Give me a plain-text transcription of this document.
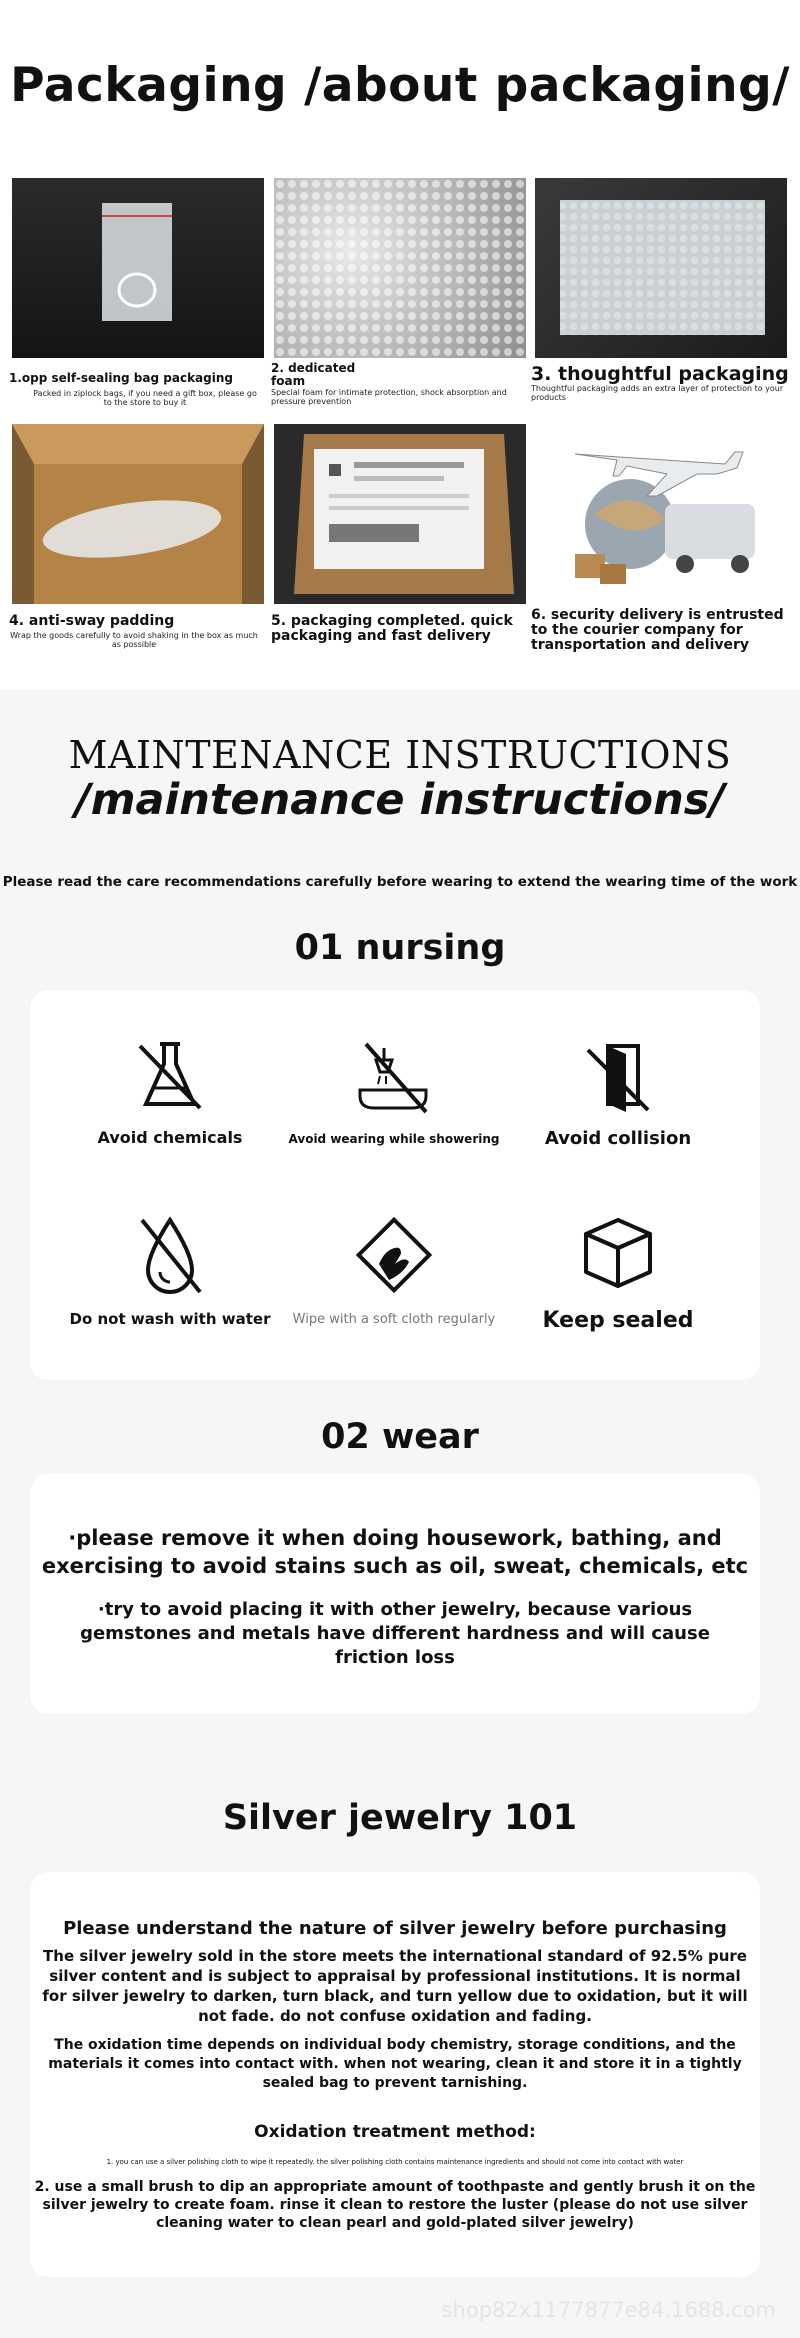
Packaging /about packaging/
1.opp self-sealing bag packaging
Packed in ziplock bags, if you need a gift box, please go to the store to buy it
2. dedicated foam
Special foam for intimate protection, shock absorption and pressure prevention
3. thoughtful packaging
Thoughtful packaging adds an extra layer of protection to your products
4. anti-sway padding
Wrap the goods carefully to avoid shaking in the box as much as possible
5. packaging completed. quick packaging and fast delivery
6. security delivery is entrusted to the courier company for transportation and delivery
MAINTENANCE INSTRUCTIONS
/maintenance instructions/
Please read the care recommendations carefully before wearing to extend the wearing time of the work
01 nursing
Avoid chemicals	Avoid wearing while showering	Avoid collision
Do not wash with water	Wipe with a soft cloth regularly	Keep sealed
02 wear
·please remove it when doing housework, bathing, and exercising to avoid stains such as oil, sweat, chemicals, etc
·try to avoid placing it with other jewelry, because various gemstones and metals have different hardness and will cause friction loss
Silver jewelry 101
Please understand the nature of silver jewelry before purchasing
The silver jewelry sold in the store meets the international standard of 92.5% pure silver content and is subject to appraisal by professional institutions. It is normal for silver jewelry to darken, turn black, and turn yellow due to oxidation, but it will not fade. do not confuse oxidation and fading.
The oxidation time depends on individual body chemistry, storage conditions, and the materials it comes into contact with. when not wearing, clean it and store it in a tightly sealed bag to prevent tarnishing.
Oxidation treatment method:
1. you can use a silver polishing cloth to wipe it repeatedly. the silver polishing cloth contains maintenance ingredients and should not come into contact with water
2. use a small brush to dip an appropriate amount of toothpaste and gently brush it on the silver jewelry to create foam. rinse it clean to restore the luster (please do not use silver cleaning water to clean pearl and gold-plated silver jewelry)
shop82x1177877e84.1688.com
